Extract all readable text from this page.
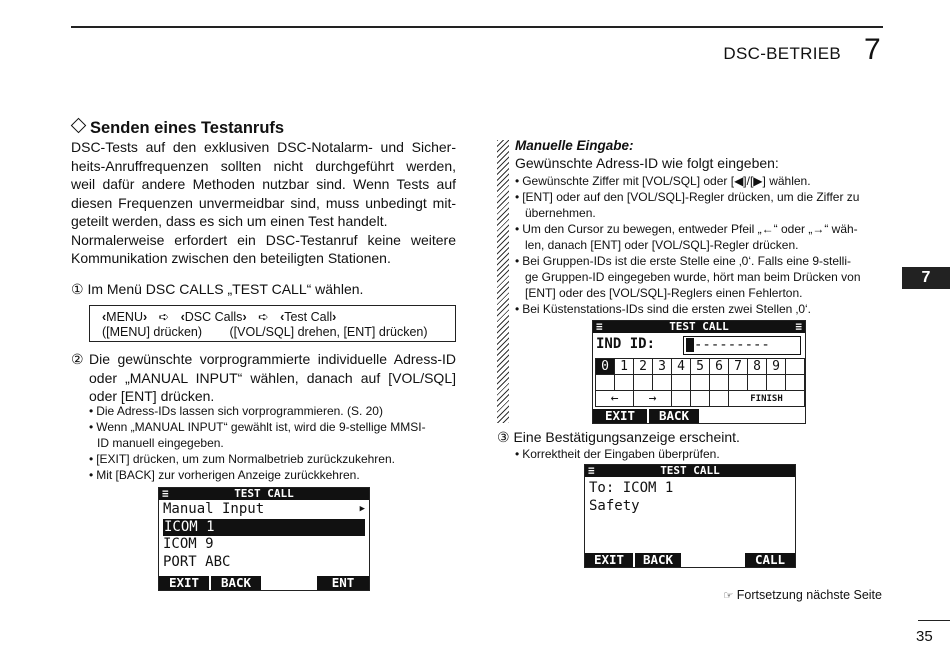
DSC-BETRIEB 7
7
35
Senden eines Testanrufs
DSC-Tests auf den exklusiven DSC-Notalarm- und Sicher-
heits-Anruffrequenzen sollten nicht durchgeführt werden,
weil dafür andere Methoden nutzbar sind. Wenn Tests auf
diesen Frequenzen unvermeidbar sind, muss unbedingt mit-
geteilt werden, dass es sich um einen Test handelt.
Normalerweise erfordert ein DSC-Testanruf keine weitere
Kommunikation zwischen den beteiligten Stationen.
① Im Menü DSC CALLS „TEST CALL“ wählen.
‹MENU› ➪ ‹DSC Calls› ➪ ‹Test Call›
([MENU] drücken) ([VOL/SQL] drehen, [ENT] drücken)
② Die gewünschte vorprogrammierte individuelle Adress-ID
oder „MANUAL INPUT“ wählen, danach auf [VOL/SQL]
oder [ENT] drücken.
• Die Adress-IDs lassen sich vorprogrammieren. (S. 20)
• Wenn „MANUAL INPUT“ gewählt ist, wird die 9-stellige MMSI-
ID manuell eingegeben.
• [EXIT] drücken, um zum Normalbetrieb zurückzukehren.
• Mit [BACK] zur vorherigen Anzeige zurückkehren.
≡	TEST CALL
Manual Input	▶
ICOM 1
ICOM 9
PORT ABC
EXIT	BACK	ENT
Manuelle Eingabe:
Gewünschte Adress-ID wie folgt eingeben:
• Gewünschte Ziffer mit [VOL/SQL] oder [◀]/[▶] wählen.
• [ENT] oder auf den [VOL/SQL]-Regler drücken, um die Ziffer zu
übernehmen.
• Um den Cursor zu bewegen, entweder Pfeil „←“ oder „→“ wäh-
len, danach [ENT] oder [VOL/SQL]-Regler drücken.
• Bei Gruppen-IDs ist die erste Stelle eine ‚0‘. Falls eine 9-stelli-
ge Gruppen-ID eingegeben wurde, hört man beim Drücken von
[ENT] oder des [VOL/SQL]-Reglers einen Fehlerton.
• Bei Küstenstations-IDs sind die ersten zwei Stellen ‚0‘.
≡	TEST CALL	≡
IND ID:	---------
0	1	2	3	4	5	6	7	8	9	

←		→					FINISH			
EXIT	BACK
③ Eine Bestätigungsanzeige erscheint.
• Korrektheit der Eingaben überprüfen.
≡	TEST CALL
To: ICOM 1
Safety
EXIT	BACK	CALL
☞ Fortsetzung nächste Seite
